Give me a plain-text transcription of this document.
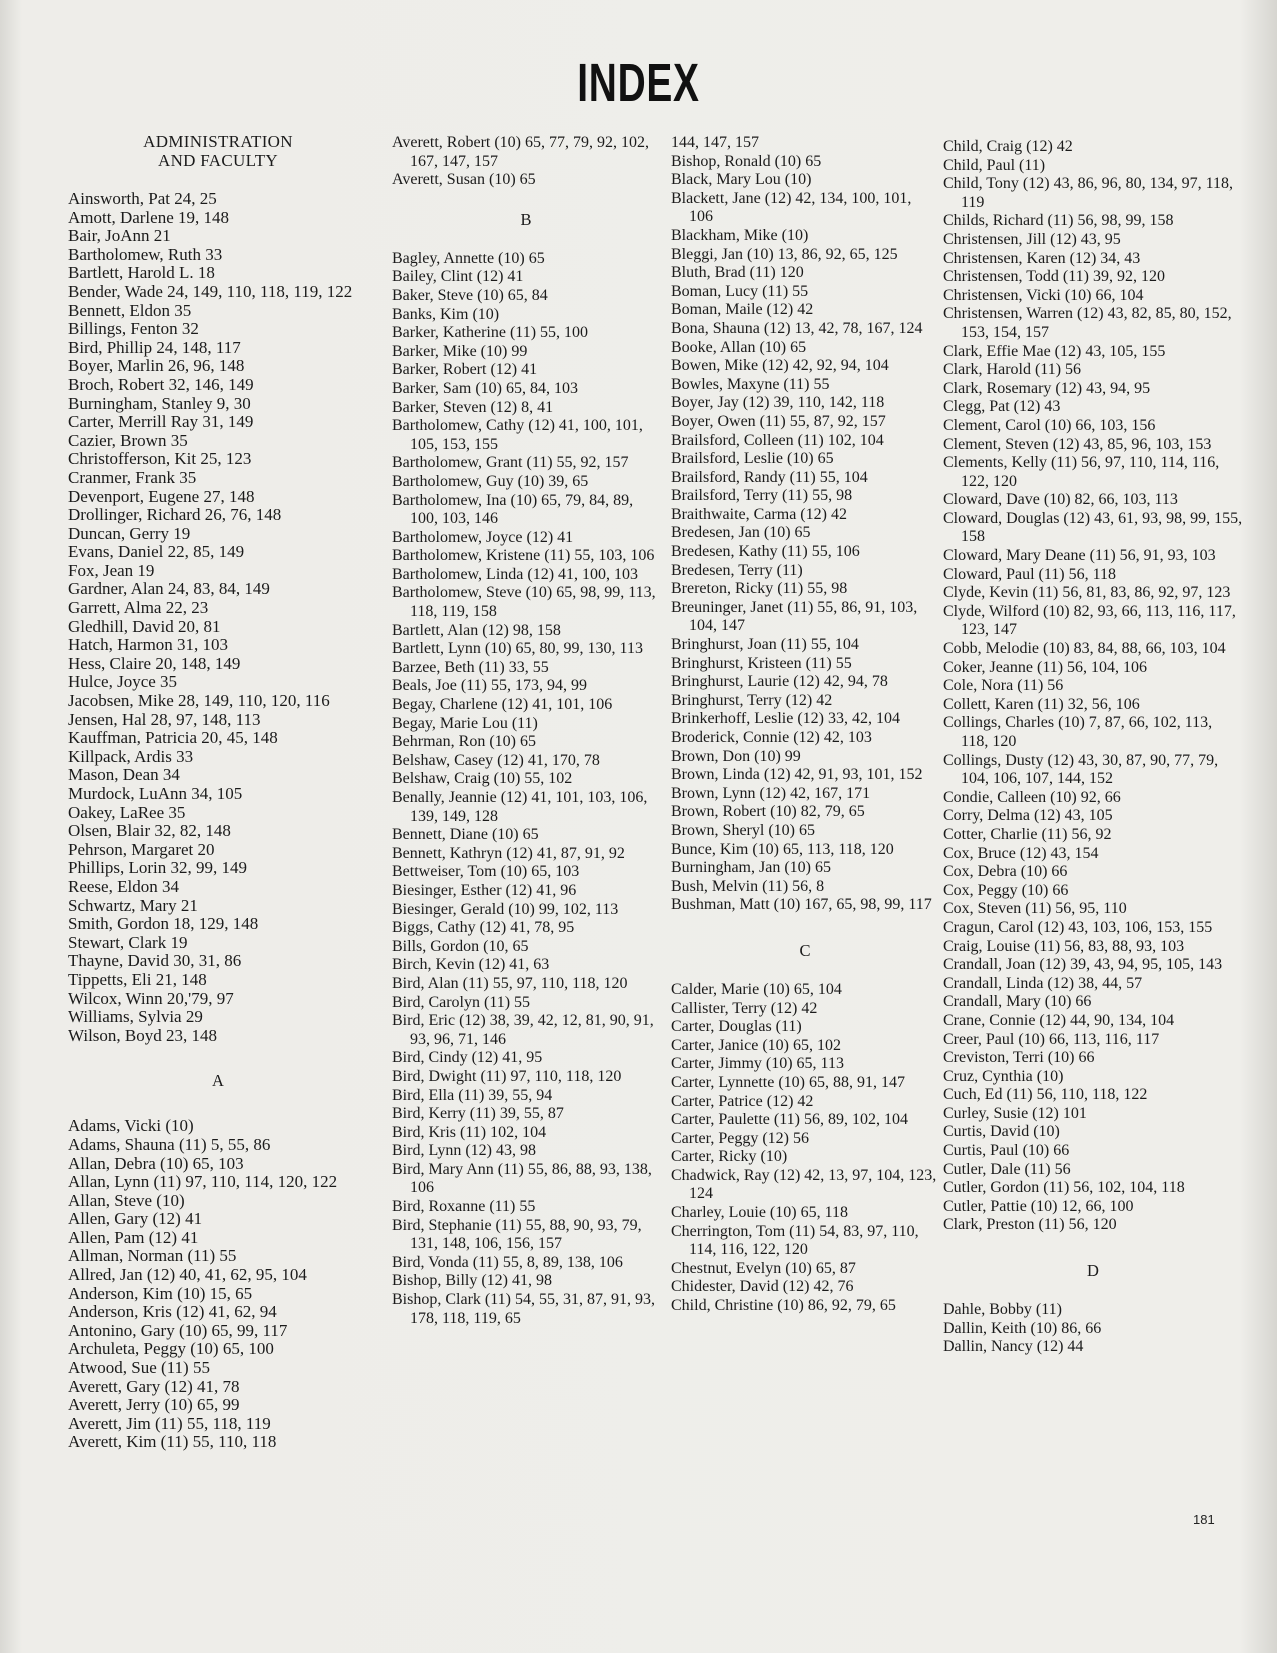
INDEX
ADMINISTRATION
AND FACULTY
Ainsworth, Pat 24, 25
Amott, Darlene 19, 148
Bair, JoAnn 21
Bartholomew, Ruth 33
Bartlett, Harold L. 18
Bender, Wade 24, 149, 110, 118, 119, 122
Bennett, Eldon 35
Billings, Fenton 32
Bird, Phillip 24, 148, 117
Boyer, Marlin 26, 96, 148
Broch, Robert 32, 146, 149
Burningham, Stanley 9, 30
Carter, Merrill Ray 31, 149
Cazier, Brown 35
Christofferson, Kit 25, 123
Cranmer, Frank 35
Devenport, Eugene 27, 148
Drollinger, Richard 26, 76, 148
Duncan, Gerry 19
Evans, Daniel 22, 85, 149
Fox, Jean 19
Gardner, Alan 24, 83, 84, 149
Garrett, Alma 22, 23
Gledhill, David 20, 81
Hatch, Harmon 31, 103
Hess, Claire 20, 148, 149
Hulce, Joyce 35
Jacobsen, Mike 28, 149, 110, 120, 116
Jensen, Hal 28, 97, 148, 113
Kauffman, Patricia 20, 45, 148
Killpack, Ardis 33
Mason, Dean 34
Murdock, LuAnn 34, 105
Oakey, LaRee 35
Olsen, Blair 32, 82, 148
Pehrson, Margaret 20
Phillips, Lorin 32, 99, 149
Reese, Eldon 34
Schwartz, Mary 21
Smith, Gordon 18, 129, 148
Stewart, Clark 19
Thayne, David 30, 31, 86
Tippetts, Eli 21, 148
Wilcox, Winn 20,'79, 97
Williams, Sylvia 29
Wilson, Boyd 23, 148
A
Adams, Vicki (10)
Adams, Shauna (11) 5, 55, 86
Allan, Debra (10) 65, 103
Allan, Lynn (11) 97, 110, 114, 120, 122
Allan, Steve (10)
Allen, Gary (12) 41
Allen, Pam (12) 41
Allman, Norman (11) 55
Allred, Jan (12) 40, 41, 62, 95, 104
Anderson, Kim (10) 15, 65
Anderson, Kris (12) 41, 62, 94
Antonino, Gary (10) 65, 99, 117
Archuleta, Peggy (10) 65, 100
Atwood, Sue (11) 55
Averett, Gary (12) 41, 78
Averett, Jerry (10) 65, 99
Averett, Jim (11) 55, 118, 119
Averett, Kim (11) 55, 110, 118
Averett, Robert (10) 65, 77, 79, 92, 102, 167, 147, 157
Averett, Susan (10) 65
B
Bagley, Annette (10) 65
Bailey, Clint (12) 41
Baker, Steve (10) 65, 84
Banks, Kim (10)
Barker, Katherine (11) 55, 100
Barker, Mike (10) 99
Barker, Robert (12) 41
Barker, Sam (10) 65, 84, 103
Barker, Steven (12) 8, 41
Bartholomew, Cathy (12) 41, 100, 101, 105, 153, 155
Bartholomew, Grant (11) 55, 92, 157
Bartholomew, Guy (10) 39, 65
Bartholomew, Ina (10) 65, 79, 84, 89, 100, 103, 146
Bartholomew, Joyce (12) 41
Bartholomew, Kristene (11) 55, 103, 106
Bartholomew, Linda (12) 41, 100, 103
Bartholomew, Steve (10) 65, 98, 99, 113, 118, 119, 158
Bartlett, Alan (12) 98, 158
Bartlett, Lynn (10) 65, 80, 99, 130, 113
Barzee, Beth (11) 33, 55
Beals, Joe (11) 55, 173, 94, 99
Begay, Charlene (12) 41, 101, 106
Begay, Marie Lou (11)
Behrman, Ron (10) 65
Belshaw, Casey (12) 41, 170, 78
Belshaw, Craig (10) 55, 102
Benally, Jeannie (12) 41, 101, 103, 106, 139, 149, 128
Bennett, Diane (10) 65
Bennett, Kathryn (12) 41, 87, 91, 92
Bettweiser, Tom (10) 65, 103
Biesinger, Esther (12) 41, 96
Biesinger, Gerald (10) 99, 102, 113
Biggs, Cathy (12) 41, 78, 95
Bills, Gordon (10, 65
Birch, Kevin (12) 41, 63
Bird, Alan (11) 55, 97, 110, 118, 120
Bird, Carolyn (11) 55
Bird, Eric (12) 38, 39, 42, 12, 81, 90, 91, 93, 96, 71, 146
Bird, Cindy (12) 41, 95
Bird, Dwight (11) 97, 110, 118, 120
Bird, Ella (11) 39, 55, 94
Bird, Kerry (11) 39, 55, 87
Bird, Kris (11) 102, 104
Bird, Lynn (12) 43, 98
Bird, Mary Ann (11) 55, 86, 88, 93, 138, 106
Bird, Roxanne (11) 55
Bird, Stephanie (11) 55, 88, 90, 93, 79, 131, 148, 106, 156, 157
Bird, Vonda (11) 55, 8, 89, 138, 106
Bishop, Billy (12) 41, 98
Bishop, Clark (11) 54, 55, 31, 87, 91, 93, 178, 118, 119, 65
144, 147, 157
Bishop, Ronald (10) 65
Black, Mary Lou (10)
Blackett, Jane (12) 42, 134, 100, 101, 106
Blackham, Mike (10)
Bleggi, Jan (10) 13, 86, 92, 65, 125
Bluth, Brad (11) 120
Boman, Lucy (11) 55
Boman, Maile (12) 42
Bona, Shauna (12) 13, 42, 78, 167, 124
Booke, Allan (10) 65
Bowen, Mike (12) 42, 92, 94, 104
Bowles, Maxyne (11) 55
Boyer, Jay (12) 39, 110, 142, 118
Boyer, Owen (11) 55, 87, 92, 157
Brailsford, Colleen (11) 102, 104
Brailsford, Leslie (10) 65
Brailsford, Randy (11) 55, 104
Brailsford, Terry (11) 55, 98
Braithwaite, Carma (12) 42
Bredesen, Jan (10) 65
Bredesen, Kathy (11) 55, 106
Bredesen, Terry (11)
Brereton, Ricky (11) 55, 98
Breuninger, Janet (11) 55, 86, 91, 103, 104, 147
Bringhurst, Joan (11) 55, 104
Bringhurst, Kristeen (11) 55
Bringhurst, Laurie (12) 42, 94, 78
Bringhurst, Terry (12) 42
Brinkerhoff, Leslie (12) 33, 42, 104
Broderick, Connie (12) 42, 103
Brown, Don (10) 99
Brown, Linda (12) 42, 91, 93, 101, 152
Brown, Lynn (12) 42, 167, 171
Brown, Robert (10) 82, 79, 65
Brown, Sheryl (10) 65
Bunce, Kim (10) 65, 113, 118, 120
Burningham, Jan (10) 65
Bush, Melvin (11) 56, 8
Bushman, Matt (10) 167, 65, 98, 99, 117
C
Calder, Marie (10) 65, 104
Callister, Terry (12) 42
Carter, Douglas (11)
Carter, Janice (10) 65, 102
Carter, Jimmy (10) 65, 113
Carter, Lynnette (10) 65, 88, 91, 147
Carter, Patrice (12) 42
Carter, Paulette (11) 56, 89, 102, 104
Carter, Peggy (12) 56
Carter, Ricky (10)
Chadwick, Ray (12) 42, 13, 97, 104, 123, 124
Charley, Louie (10) 65, 118
Cherrington, Tom (11) 54, 83, 97, 110, 114, 116, 122, 120
Chestnut, Evelyn (10) 65, 87
Chidester, David (12) 42, 76
Child, Christine (10) 86, 92, 79, 65
Child, Craig (12) 42
Child, Paul (11)
Child, Tony (12) 43, 86, 96, 80, 134, 97, 118, 119
Childs, Richard (11) 56, 98, 99, 158
Christensen, Jill (12) 43, 95
Christensen, Karen (12) 34, 43
Christensen, Todd (11) 39, 92, 120
Christensen, Vicki (10) 66, 104
Christensen, Warren (12) 43, 82, 85, 80, 152, 153, 154, 157
Clark, Effie Mae (12) 43, 105, 155
Clark, Harold (11) 56
Clark, Rosemary (12) 43, 94, 95
Clegg, Pat (12) 43
Clement, Carol (10) 66, 103, 156
Clement, Steven (12) 43, 85, 96, 103, 153
Clements, Kelly (11) 56, 97, 110, 114, 116, 122, 120
Cloward, Dave (10) 82, 66, 103, 113
Cloward, Douglas (12) 43, 61, 93, 98, 99, 155, 158
Cloward, Mary Deane (11) 56, 91, 93, 103
Cloward, Paul (11) 56, 118
Clyde, Kevin (11) 56, 81, 83, 86, 92, 97, 123
Clyde, Wilford (10) 82, 93, 66, 113, 116, 117, 123, 147
Cobb, Melodie (10) 83, 84, 88, 66, 103, 104
Coker, Jeanne (11) 56, 104, 106
Cole, Nora (11) 56
Collett, Karen (11) 32, 56, 106
Collings, Charles (10) 7, 87, 66, 102, 113, 118, 120
Collings, Dusty (12) 43, 30, 87, 90, 77, 79, 104, 106, 107, 144, 152
Condie, Calleen (10) 92, 66
Corry, Delma (12) 43, 105
Cotter, Charlie (11) 56, 92
Cox, Bruce (12) 43, 154
Cox, Debra (10) 66
Cox, Peggy (10) 66
Cox, Steven (11) 56, 95, 110
Cragun, Carol (12) 43, 103, 106, 153, 155
Craig, Louise (11) 56, 83, 88, 93, 103
Crandall, Joan (12) 39, 43, 94, 95, 105, 143
Crandall, Linda (12) 38, 44, 57
Crandall, Mary (10) 66
Crane, Connie (12) 44, 90, 134, 104
Creer, Paul (10) 66, 113, 116, 117
Creviston, Terri (10) 66
Cruz, Cynthia (10)
Cuch, Ed (11) 56, 110, 118, 122
Curley, Susie (12) 101
Curtis, David (10)
Curtis, Paul (10) 66
Cutler, Dale (11) 56
Cutler, Gordon (11) 56, 102, 104, 118
Cutler, Pattie (10) 12, 66, 100
Clark, Preston (11) 56, 120
D
Dahle, Bobby (11)
Dallin, Keith (10) 86, 66
Dallin, Nancy (12) 44
181
